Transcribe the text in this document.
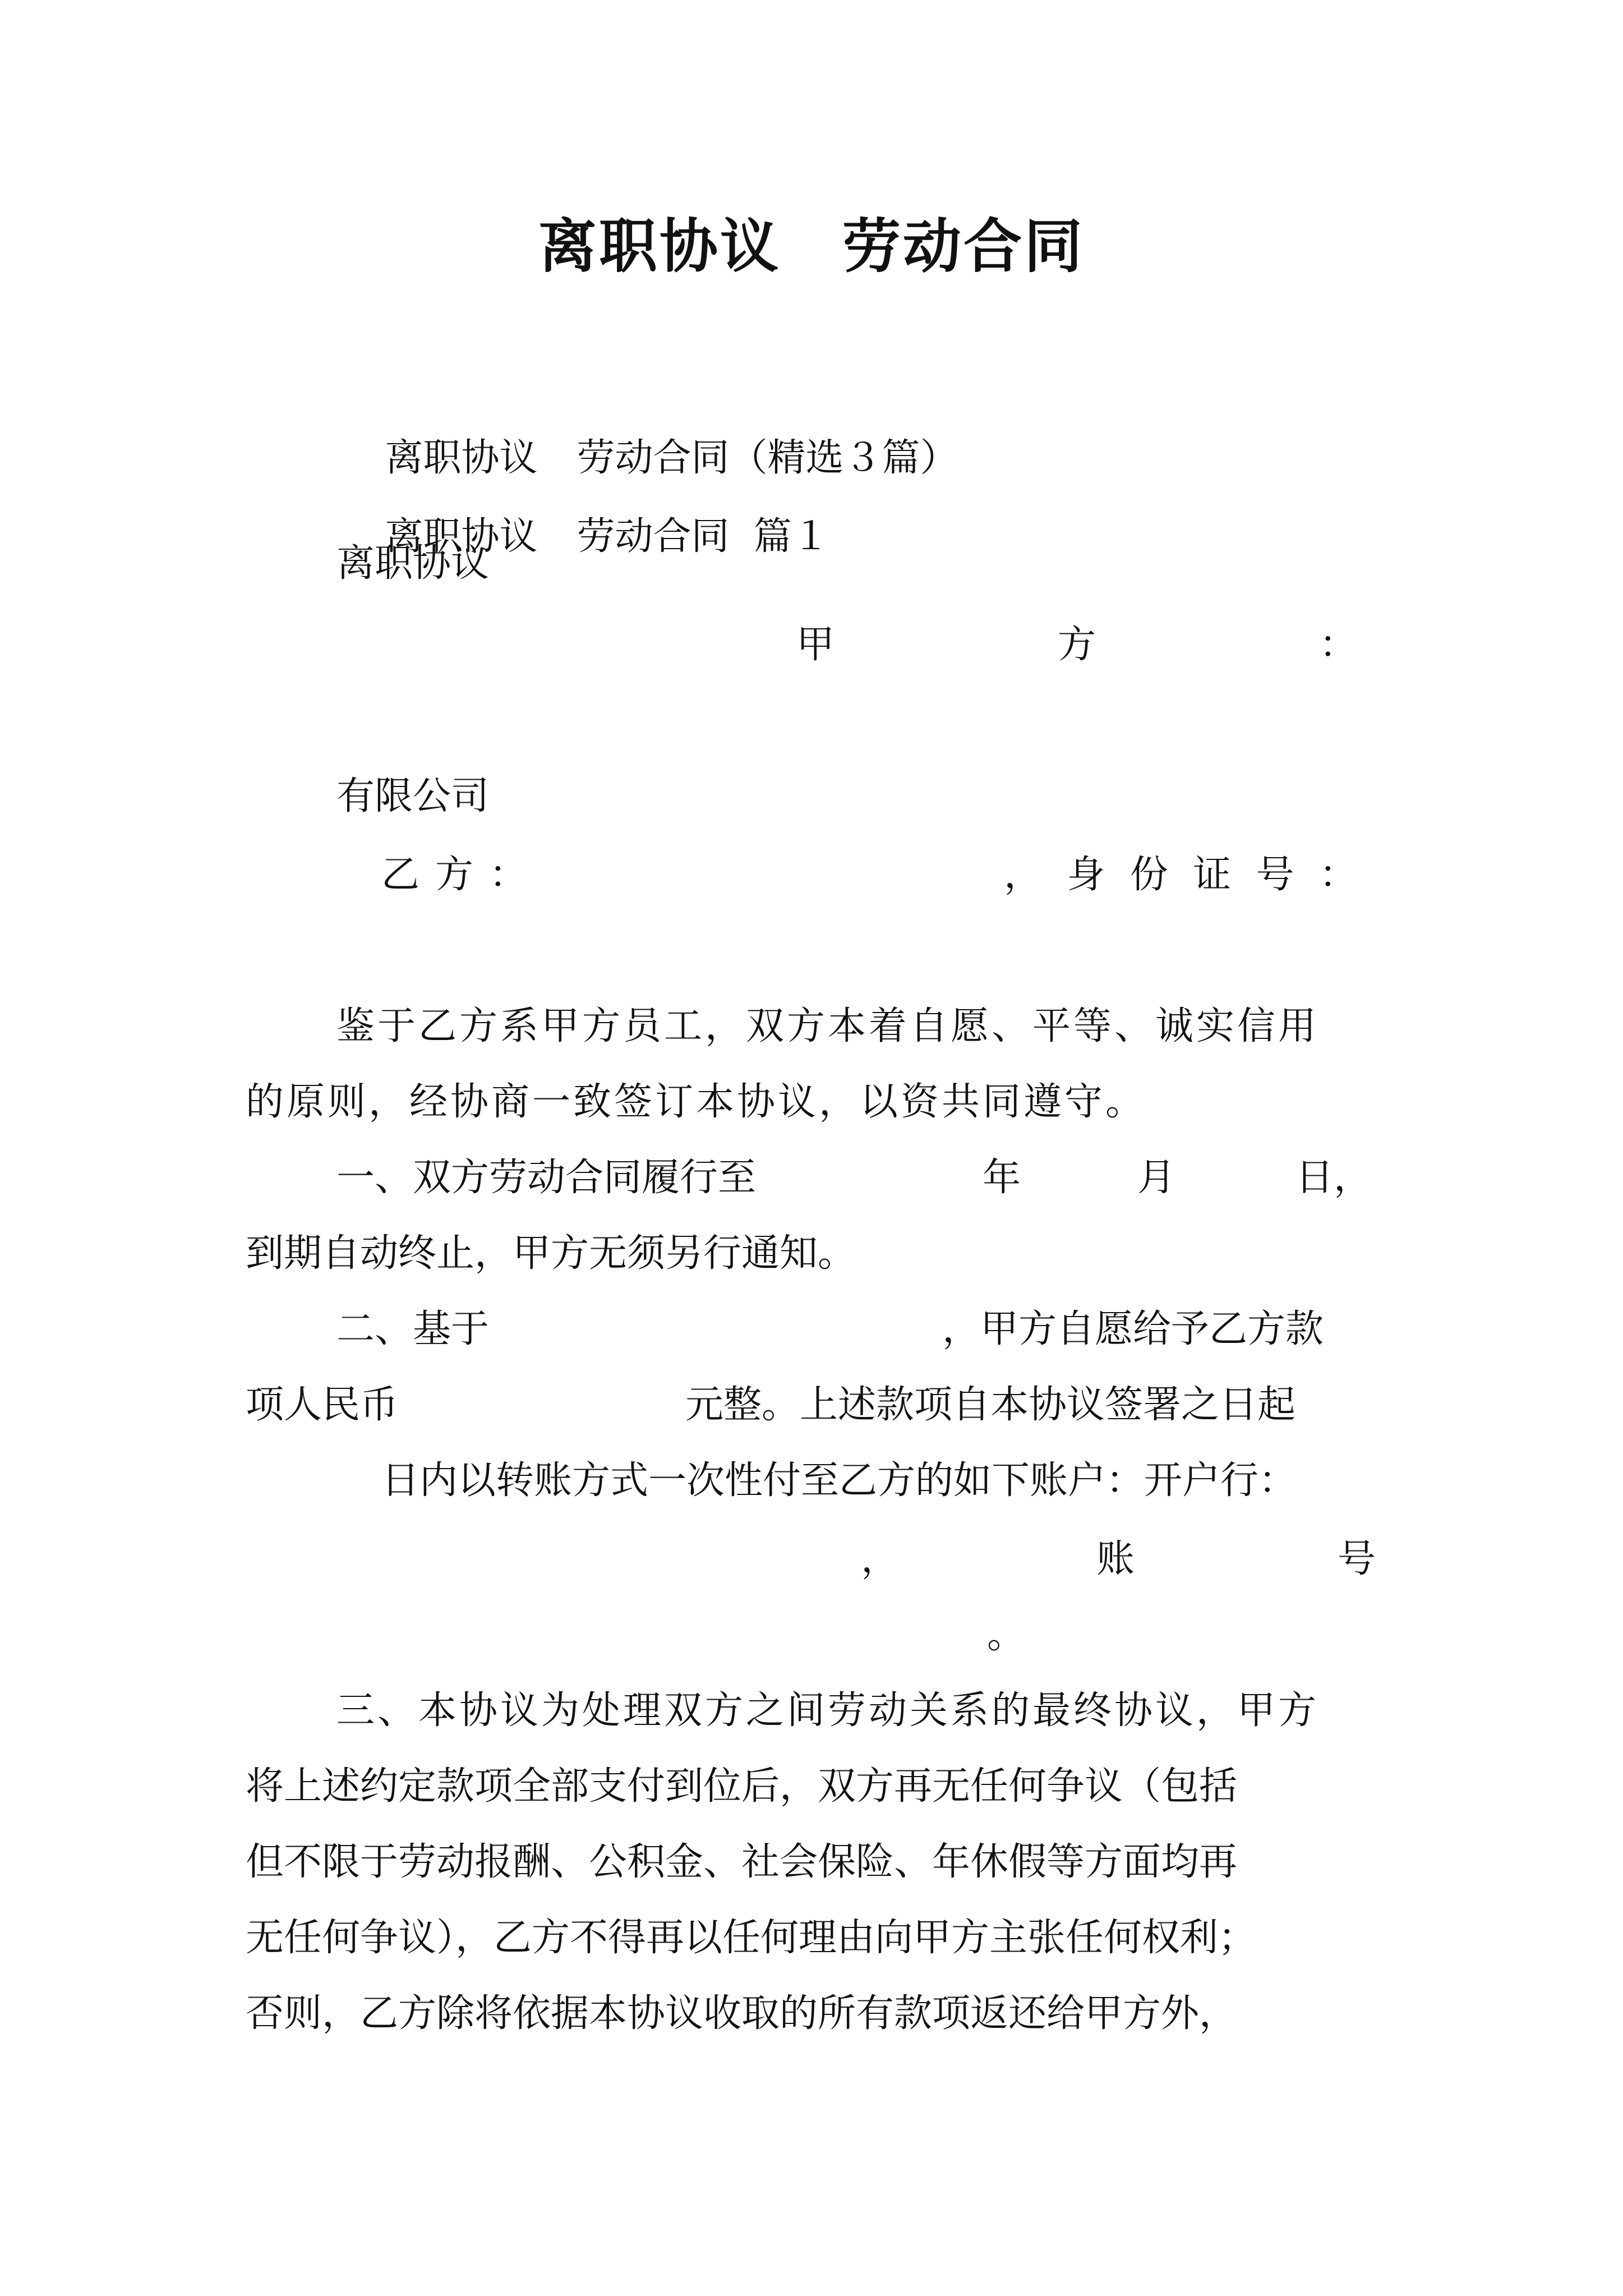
离职协议 劳动合同

离职协议 劳动合同（精选３篇）

离职协议 劳动合同  篇１

离职协议
甲	方	：
有限公司
乙 方 ：	， 身 份 证 号 ：
鉴于乙方系甲方员工，双方本着自愿、平等、诚实信用
的原则，经协商一致签订本协议，以资共同遵守。
一、双方劳动合同履行至	年	月	日，
到期自动终止，甲方无须另行通知。
二、基于	，甲方自愿给予乙方款
项人民币	元整。上述款项自本协议签署之日起
日内以转账方式一次性付至乙方的如下账户：开户行：
，	账	号
。
三、本协议为处理双方之间劳动关系的最终协议，甲方
将上述约定款项全部支付到位后，双方再无任何争议（包括
但不限于劳动报酬、公积金、社会保险、年休假等方面均再
无任何争议），乙方不得再以任何理由向甲方主张任何权利；
否则，乙方除将依据本协议收取的所有款项返还给甲方外，
